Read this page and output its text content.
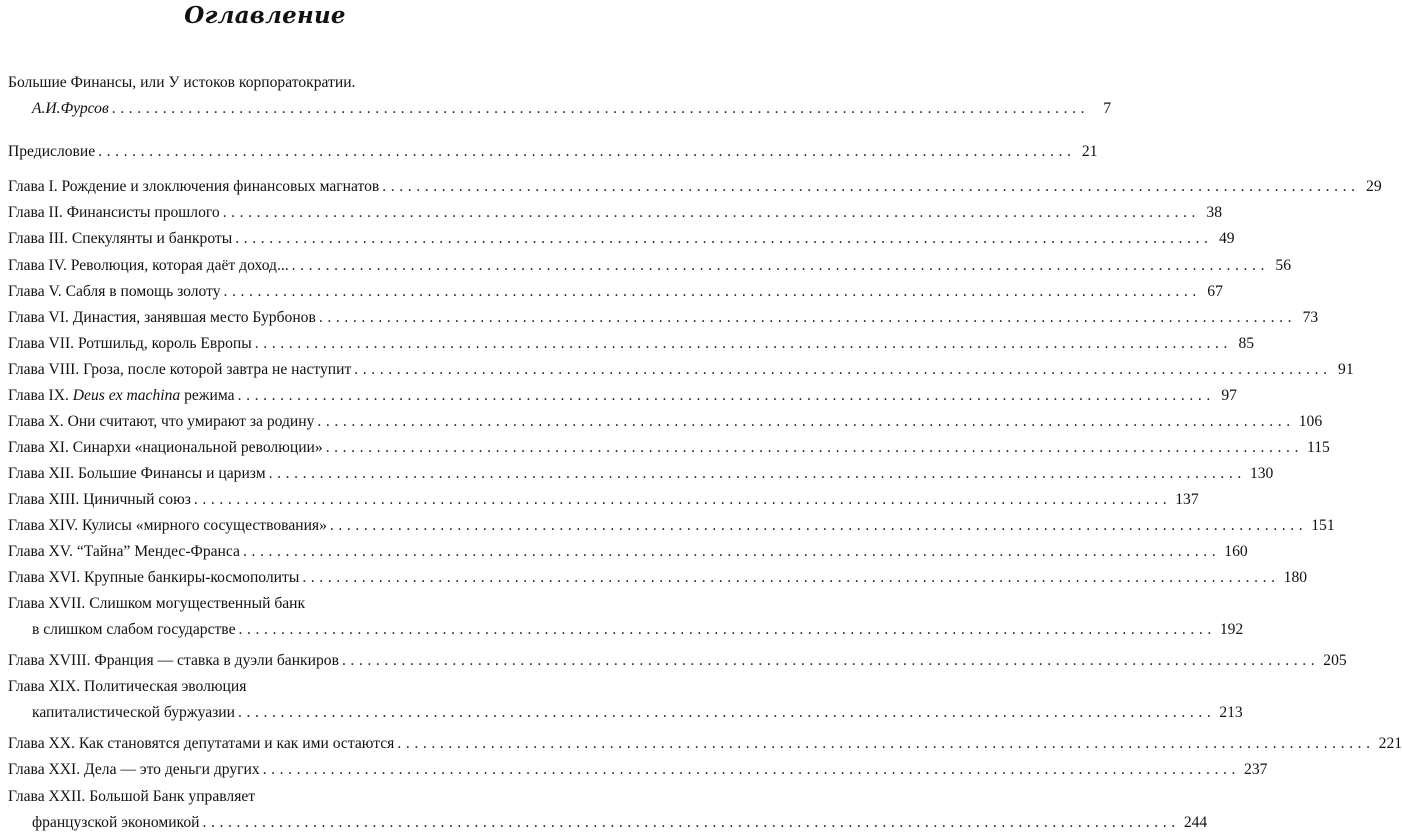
Оглавление
Большие Финансы, или У истоков корпоратократии.
А.И.Фурсов ................................................................................................................... 7
Предисловие ................................................................................................................... 21
Глава I. Рождение и злоключения финансовых магнатов ................................................................................................................... 29
Глава II. Финансисты прошлого ................................................................................................................... 38
Глава III. Спекулянты и банкроты ................................................................................................................... 49
Глава IV. Революция, которая даёт доход... ................................................................................................................... 56
Глава V. Сабля в помощь золоту ................................................................................................................... 67
Глава VI. Династия, занявшая место Бурбонов ................................................................................................................... 73
Глава VII. Ротшильд, король Европы ................................................................................................................... 85
Глава VIII. Гроза, после которой завтра не наступит ................................................................................................................... 91
Глава IX. Deus ex machina режима ................................................................................................................... 97
Глава X. Они считают, что умирают за родину ................................................................................................................... 106
Глава XI. Синархи «национальной революции» ................................................................................................................... 115
Глава XII. Большие Финансы и царизм ................................................................................................................... 130
Глава XIII. Циничный союз ................................................................................................................... 137
Глава XIV. Кулисы «мирного сосуществования» ................................................................................................................... 151
Глава XV. “Тайна” Мендес-Франса ................................................................................................................... 160
Глава XVI. Крупные банкиры-космополиты ................................................................................................................... 180
Глава XVII. Слишком могущественный банк
в слишком слабом государстве ................................................................................................................... 192
Глава XVIII. Франция — ставка в дуэли банкиров ................................................................................................................... 205
Глава XIX. Политическая эволюция
капиталистической буржуазии ................................................................................................................... 213
Глава XX. Как становятся депутатами и как ими остаются ................................................................................................................... 221
Глава XXI. Дела — это деньги других ................................................................................................................... 237
Глава XXII. Большой Банк управляет
французской экономикой ................................................................................................................... 244
